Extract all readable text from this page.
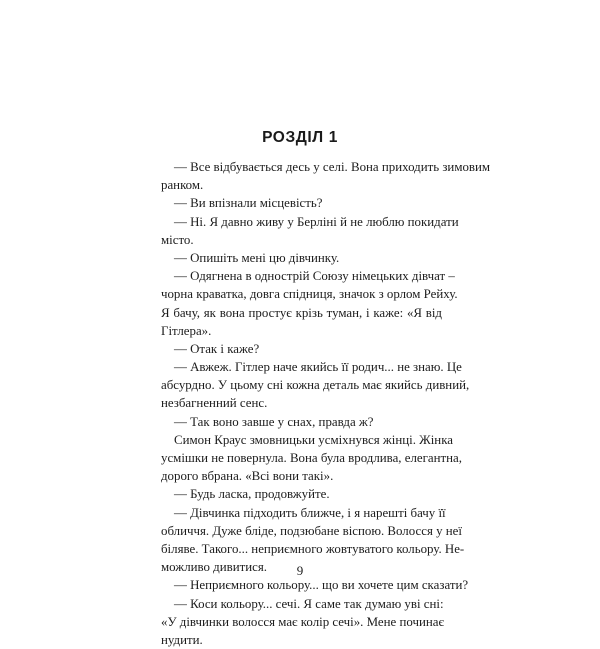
РОЗДІЛ 1
— Все відбувається десь у селі. Вона приходить зимовим
ранком.
— Ви впізнали місцевість?
— Ні. Я давно живу у Берліні й не люблю покидати
місто.
— Опишіть мені цю дівчинку.
— Одягнена в однострій Союзу німецьких дівчат –
чорна краватка, довга спідниця, значок з орлом Рейху.
Я бачу, як вона простує крізь туман, і каже: «Я від
Гітлера».
— Отак і каже?
— Авжеж. Гітлер наче якийсь її родич... не знаю. Це
абсурдно. У цьому сні кожна деталь має якийсь дивний,
незбагненний сенс.
— Так воно завше у снах, правда ж?
Симон Краус змовницьки усміхнувся жінці. Жінка
усмішки не повернула. Вона була вродлива, елегантна,
дорого вбрана. «Всі вони такі».
— Будь ласка, продовжуйте.
— Дівчинка підходить ближче, і я нарешті бачу її
обличчя. Дуже бліде, подзюбане віспою. Волосся у неї
біляве. Такого... неприємного жовтуватого кольору. Не-
можливо дивитися.
— Неприємного кольору... що ви хочете цим сказати?
— Коси кольору... сечі. Я саме так думаю уві сні:
«У дівчинки волосся має колір сечі». Мене починає
нудити.
9
